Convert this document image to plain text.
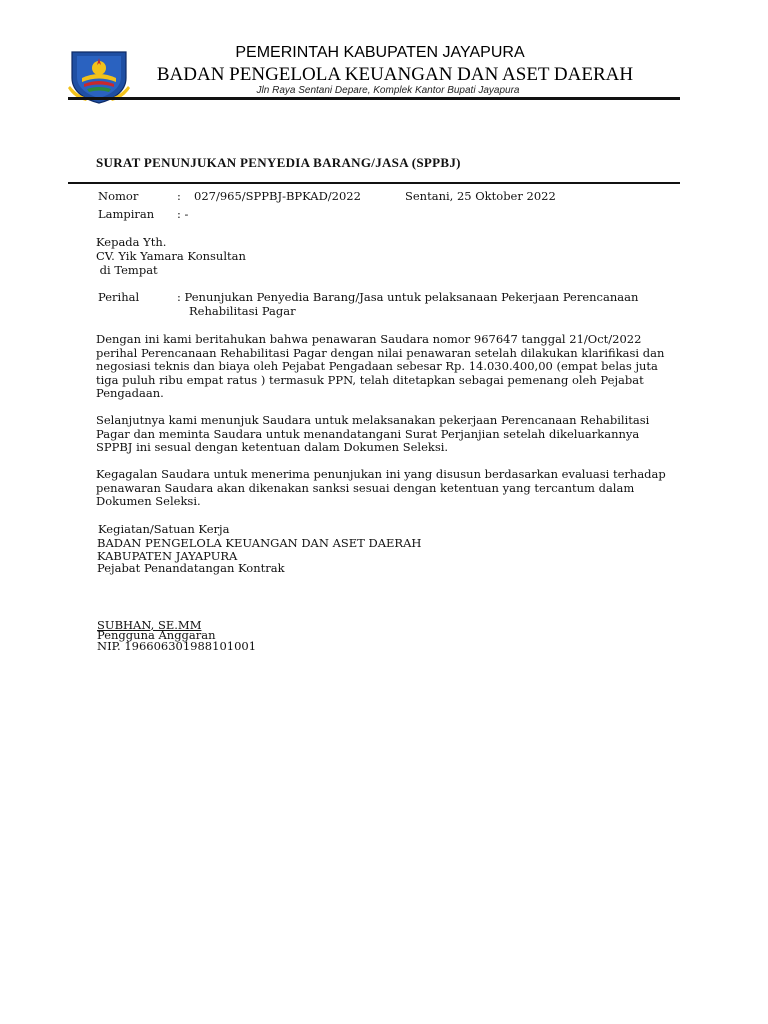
PEMERINTAH KABUPATEN JAYAPURA
BADAN PENGELOLA KEUANGAN DAN ASET DAERAH
Jln Raya Sentani Depare, Komplek Kantor Bupati Jayapura
SURAT PENUNJUKAN PENYEDIA BARANG/JASA (SPPBJ)
Nomor	: 027/965/SPPBJ-BPKAD/2022	Sentani, 25 Oktober 2022
Lampiran : -
Kepada Yth.
CV. Yik Yamara Konsultan
di Tempat
Perihal	: Penunjukan Penyedia Barang/Jasa untuk pelaksanaan Pekerjaan Perencanaan
Rehabilitasi Pagar
Dengan ini kami beritahukan bahwa penawaran Saudara nomor 967647 tanggal 21/Oct/2022
perihal Perencanaan Rehabilitasi Pagar dengan nilai penawaran setelah dilakukan klarifikasi dan
negosiasi teknis dan biaya oleh Pejabat Pengadaan sebesar Rp. 14.030.400,00 (empat belas juta
tiga puluh ribu empat ratus ) termasuk PPN, telah ditetapkan sebagai pemenang oleh Pejabat
Pengadaan.
Selanjutnya kami menunjuk Saudara untuk melaksanakan pekerjaan Perencanaan Rehabilitasi
Pagar dan meminta Saudara untuk menandatangani Surat Perjanjian setelah dikeluarkannya
SPPBJ ini sesual dengan ketentuan dalam Dokumen Seleksi.
Kegagalan Saudara untuk menerima penunjukan ini yang disusun berdasarkan evaluasi terhadap
penawaran Saudara akan dikenakan sanksi sesuai dengan ketentuan yang tercantum dalam
Dokumen Seleksi.
Kegiatan/Satuan Kerja
BADAN PENGELOLA KEUANGAN DAN ASET DAERAH
KABUPATEN JAYAPURA
Pejabat Penandatangan Kontrak
SUBHAN, SE.MM
Pengguna Anggaran
NIP. 196606301988101001
